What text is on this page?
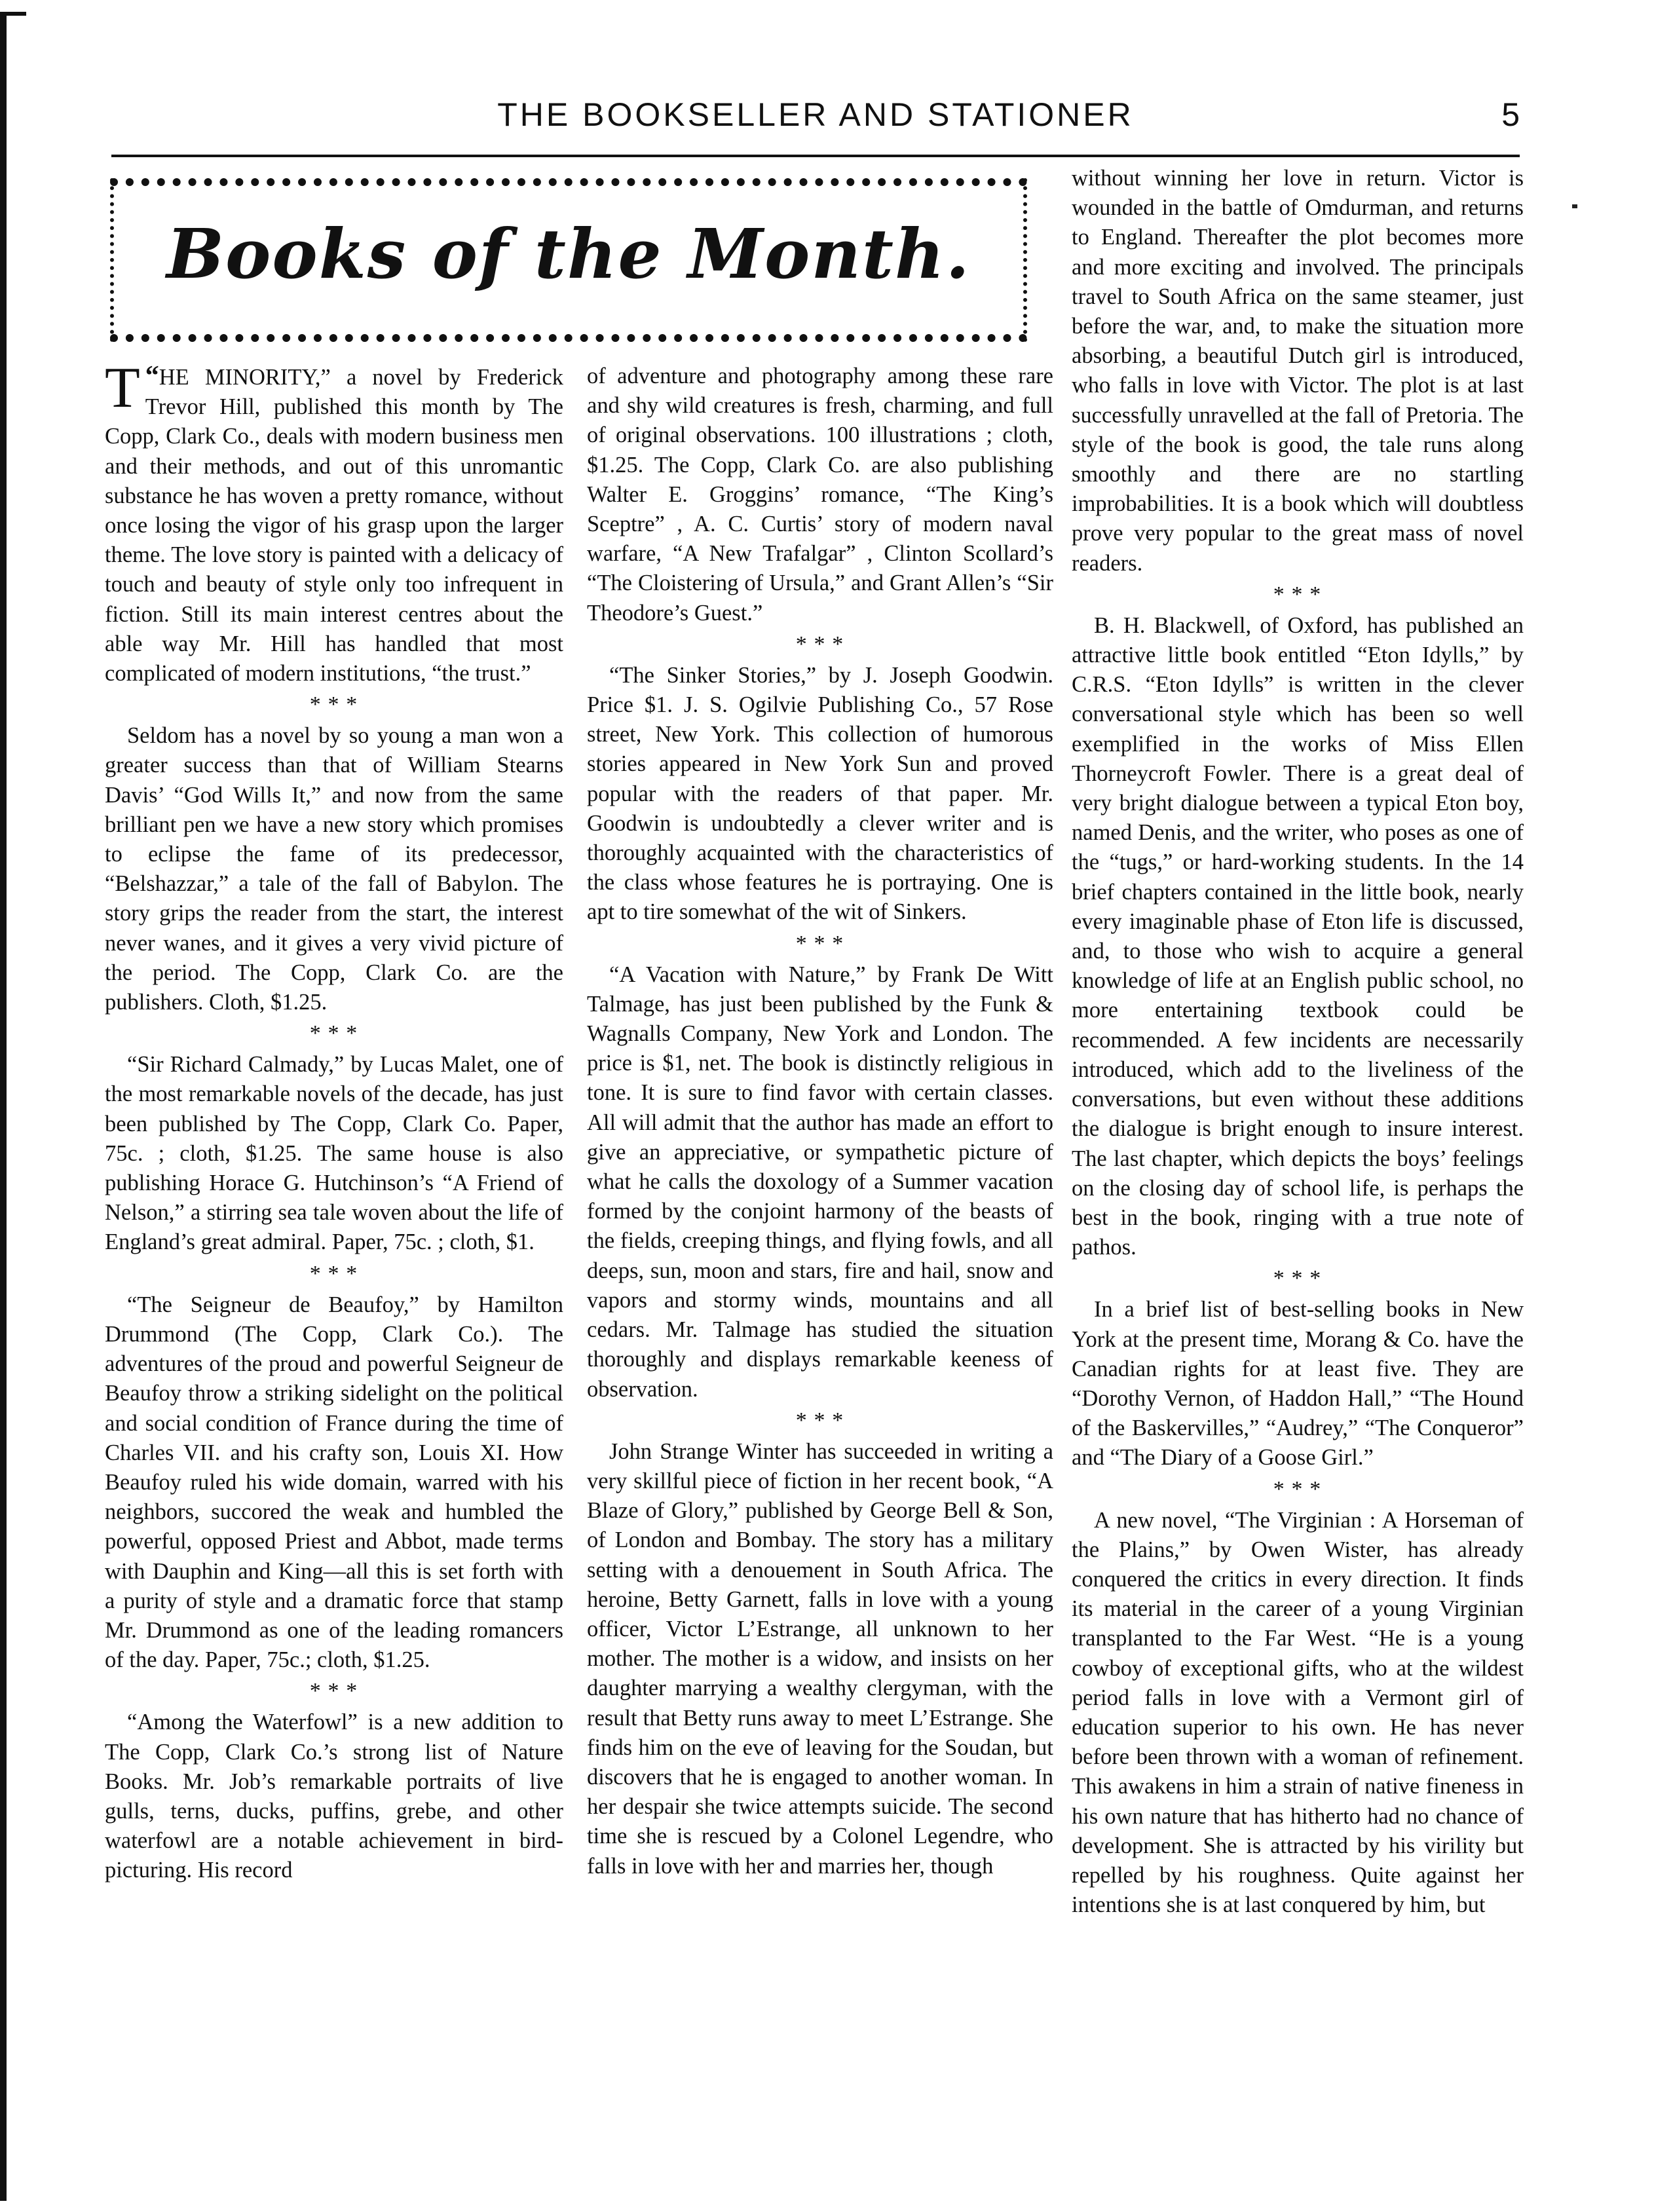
THE BOOKSELLER AND STATIONER	5
Books of the Month.

“
T HE MINORITY,” a novel by Frederick Trevor Hill, published this month by The Copp, Clark Co., deals with modern business men and their methods, and out of this unromantic substance he has woven a pretty romance, without once losing the vigor of his grasp upon the larger theme. The love story is painted with a delicacy of touch and beauty of style only too infrequent in fiction. Still its main interest centres about the able way Mr. Hill has handled that most complicated of modern institutions, “the trust.”

* * *

Seldom has a novel by so young a man won a greater success than that of William Stearns Davis’ “God Wills It,” and now from the same brilliant pen we have a new story which promises to eclipse the fame of its predecessor, “Belshazzar,” a tale of the fall of Babylon. The story grips the reader from the start, the interest never wanes, and it gives a very vivid picture of the period. The Copp, Clark Co. are the publishers. Cloth, $1.25.

* * *

“Sir Richard Calmady,” by Lucas Malet, one of the most remarkable novels of the decade, has just been published by The Copp, Clark Co. Paper, 75c. ; cloth, $1.25. The same house is also publishing Horace G. Hutchinson’s “A Friend of Nelson,” a stirring sea tale woven about the life of England’s great admiral. Paper, 75c. ; cloth, $1.

* * *

“The Seigneur de Beaufoy,” by Hamilton Drummond (The Copp, Clark Co.). The adventures of the proud and powerful Seigneur de Beaufoy throw a striking sidelight on the political and social condition of France during the time of Charles VII. and his crafty son, Louis XI. How Beaufoy ruled his wide domain, warred with his neighbors, succored the weak and humbled the powerful, opposed Priest and Abbot, made terms with Dauphin and King—all this is set forth with a purity of style and a dramatic force that stamp Mr. Drummond as one of the leading romancers of the day. Paper, 75c.; cloth, $1.25.

* * *

“Among the Waterfowl” is a new addition to The Copp, Clark Co.’s strong list of Nature Books. Mr. Job’s remarkable portraits of live gulls, terns, ducks, puffins, grebe, and other waterfowl are a notable achievement in bird-picturing. His record

of adventure and photography among these rare and shy wild creatures is fresh, charming, and full of original observations. 100 illustrations ; cloth, $1.25. The Copp, Clark Co. are also publishing Walter E. Groggins’ romance, “The King’s Sceptre” , A. C. Curtis’ story of modern naval warfare, “A New Trafalgar” , Clinton Scollard’s “The Cloistering of Ursula,” and Grant Allen’s “Sir Theodore’s Guest.”

* * *

“The Sinker Stories,” by J. Joseph Goodwin. Price $1. J. S. Ogilvie Publishing Co., 57 Rose street, New York. This collection of humorous stories appeared in New York Sun and proved popular with the readers of that paper. Mr. Goodwin is undoubtedly a clever writer and is thoroughly acquainted with the characteristics of the class whose features he is portraying. One is apt to tire somewhat of the wit of Sinkers.

* * *

“A Vacation with Nature,” by Frank De Witt Talmage, has just been published by the Funk & Wagnalls Company, New York and London. The price is $1, net. The book is distinctly religious in tone. It is sure to find favor with certain classes. All will admit that the author has made an effort to give an appreciative, or sympathetic picture of what he calls the doxology of a Summer vacation formed by the conjoint harmony of the beasts of the fields, creeping things, and flying fowls, and all deeps, sun, moon and stars, fire and hail, snow and vapors and stormy winds, mountains and all cedars. Mr. Talmage has studied the situation thoroughly and displays remarkable keeness of observation.

* * *

John Strange Winter has succeeded in writing a very skillful piece of fiction in her recent book, “A Blaze of Glory,” published by George Bell & Son, of London and Bombay. The story has a military setting with a denouement in South Africa. The heroine, Betty Garnett, falls in love with a young officer, Victor L’Estrange, all unknown to her mother. The mother is a widow, and insists on her daughter marrying a wealthy clergyman, with the result that Betty runs away to meet L’Estrange. She finds him on the eve of leaving for the Soudan, but discovers that he is engaged to another woman. In her despair she twice attempts suicide. The second time she is rescued by a Colonel Legendre, who falls in love with her and marries her, though

without winning her love in return. Victor is wounded in the battle of Omdurman, and returns to England. Thereafter the plot becomes more and more exciting and involved. The principals travel to South Africa on the same steamer, just before the war, and, to make the situation more absorbing, a beautiful Dutch girl is introduced, who falls in love with Victor. The plot is at last successfully unravelled at the fall of Pretoria. The style of the book is good, the tale runs along smoothly and there are no startling improbabilities. It is a book which will doubtless prove very popular to the great mass of novel readers.

* * *

B. H. Blackwell, of Oxford, has published an attractive little book entitled “Eton Idylls,” by C.R.S. “Eton Idylls” is written in the clever conversational style which has been so well exemplified in the works of Miss Ellen Thorneycroft Fowler. There is a great deal of very bright dialogue between a typical Eton boy, named Denis, and the writer, who poses as one of the “tugs,” or hard-working students. In the 14 brief chapters contained in the little book, nearly every imaginable phase of Eton life is discussed, and, to those who wish to acquire a general knowledge of life at an English public school, no more entertaining textbook could be recommended. A few incidents are necessarily introduced, which add to the liveliness of the conversations, but even without these additions the dialogue is bright enough to insure interest. The last chapter, which depicts the boys’ feelings on the closing day of school life, is perhaps the best in the book, ringing with a true note of pathos.

* * *

In a brief list of best-selling books in New York at the present time, Morang & Co. have the Canadian rights for at least five. They are “Dorothy Vernon, of Haddon Hall,” “The Hound of the Baskervilles,” “Audrey,” “The Conqueror” and “The Diary of a Goose Girl.”

* * *

A new novel, “The Virginian : A Horseman of the Plains,” by Owen Wister, has already conquered the critics in every direction. It finds its material in the career of a young Virginian transplanted to the Far West. “He is a young cowboy of exceptional gifts, who at the wildest period falls in love with a Vermont girl of education superior to his own. He has never before been thrown with a woman of refinement. This awakens in him a strain of native fineness in his own nature that has hitherto had no chance of development. She is attracted by his virility but repelled by his roughness. Quite against her intentions she is at last conquered by him, but
